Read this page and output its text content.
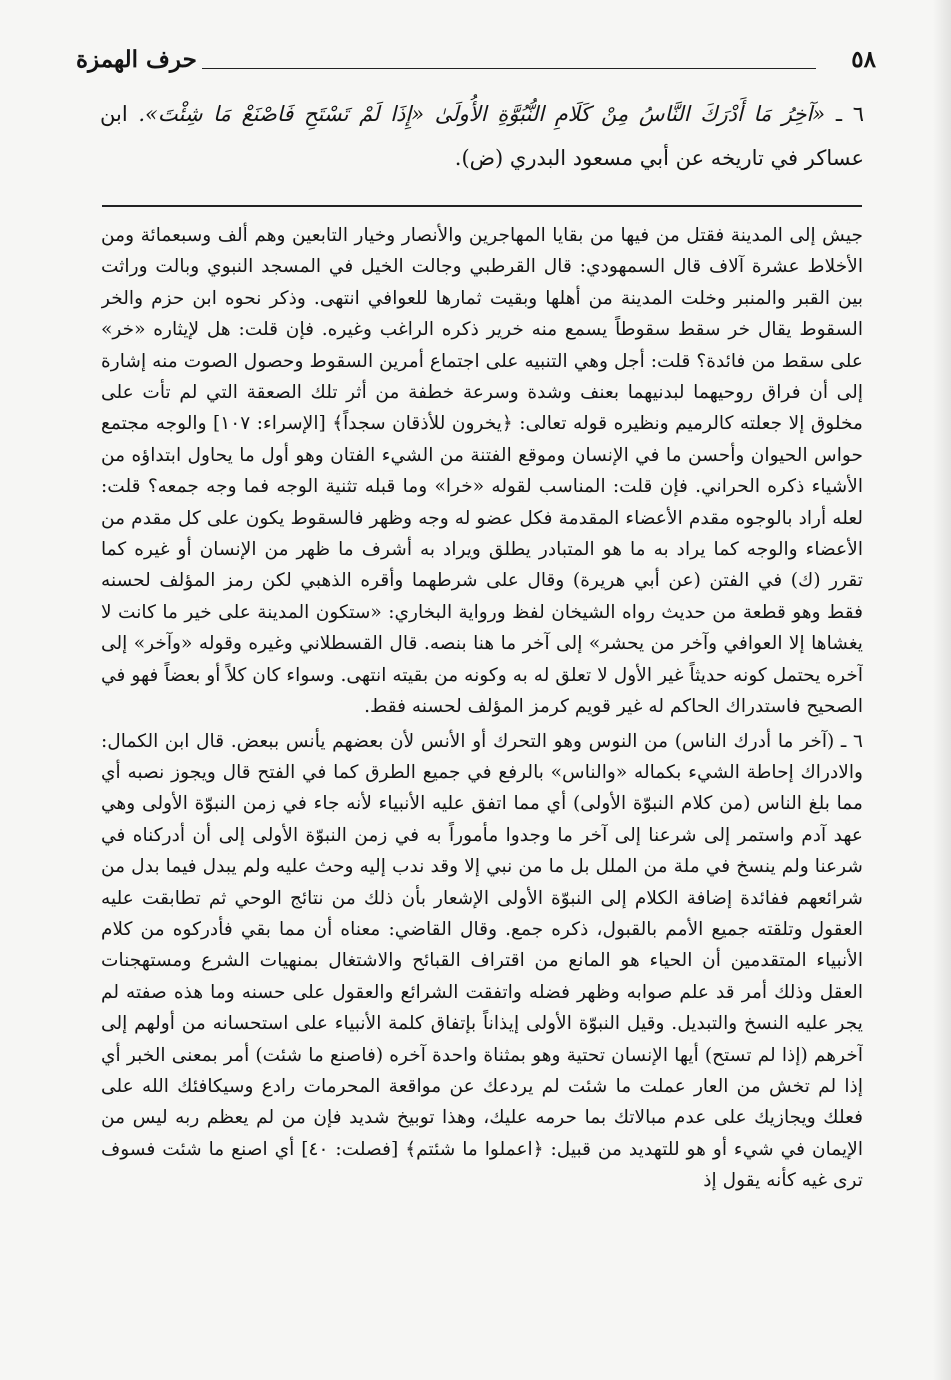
٥٨
حرف الهمزة
٦ ـ «آخِرُ مَا أَدْرَكَ النَّاسُ مِنْ كَلَامِ النُّبُوَّةِ الأُولَىٰ «إِذَا لَمْ تَسْتَحِ فَاصْنَعْ مَا شِئْتَ». ابن عساكر في تاريخه عن أبي مسعود البدري (ض).

جيش إلى المدينة فقتل من فيها من بقايا المهاجرين والأنصار وخيار التابعين وهم ألف وسبعمائة ومن الأخلاط عشرة آلاف قال السمهودي: قال القرطبي وجالت الخيل في المسجد النبوي وبالت وراثت بين القبر والمنبر وخلت المدينة من أهلها وبقيت ثمارها للعوافي انتهى. وذكر نحوه ابن حزم والخر السقوط يقال خر سقط سقوطاً يسمع منه خرير ذكره الراغب وغيره. فإن قلت: هل لإيثاره «خر» على سقط من فائدة؟ قلت: أجل وهي التنبيه على اجتماع أمرين السقوط وحصول الصوت منه إشارة إلى أن فراق روحيهما لبدنيهما بعنف وشدة وسرعة خطفة من أثر تلك الصعقة التي لم تأت على مخلوق إلا جعلته كالرميم ونظيره قوله تعالى: ﴿يخرون للأذقان سجداً﴾ [الإسراء: ١٠٧] والوجه مجتمع حواس الحيوان وأحسن ما في الإنسان وموقع الفتنة من الشيء الفتان وهو أول ما يحاول ابتداؤه من الأشياء ذكره الحراني. فإن قلت: المناسب لقوله «خرا» وما قبله تثنية الوجه فما وجه جمعه؟ قلت: لعله أراد بالوجوه مقدم الأعضاء المقدمة فكل عضو له وجه وظهر فالسقوط يكون على كل مقدم من الأعضاء والوجه كما يراد به ما هو المتبادر يطلق ويراد به أشرف ما ظهر من الإنسان أو غيره كما تقرر (ك) في الفتن (عن أبي هريرة) وقال على شرطهما وأقره الذهبي لكن رمز المؤلف لحسنه فقط وهو قطعة من حديث رواه الشيخان لفظ ورواية البخاري: «ستكون المدينة على خير ما كانت لا يغشاها إلا العوافي وآخر من يحشر» إلى آخر ما هنا بنصه. قال القسطلاني وغيره وقوله «وآخر» إلى آخره يحتمل كونه حديثاً غير الأول لا تعلق له به وكونه من بقيته انتهى. وسواء كان كلاً أو بعضاً فهو في الصحيح فاستدراك الحاكم له غير قويم كرمز المؤلف لحسنه فقط.

٦ ـ (آخر ما أدرك الناس) من النوس وهو التحرك أو الأنس لأن بعضهم يأنس ببعض. قال ابن الكمال: والادراك إحاطة الشيء بكماله «والناس» بالرفع في جميع الطرق كما في الفتح قال ويجوز نصبه أي مما بلغ الناس (من كلام النبوّة الأولى) أي مما اتفق عليه الأنبياء لأنه جاء في زمن النبوّة الأولى وهي عهد آدم واستمر إلى شرعنا إلى آخر ما وجدوا مأموراً به في زمن النبوّة الأولى إلى أن أدركناه في شرعنا ولم ينسخ في ملة من الملل بل ما من نبي إلا وقد ندب إليه وحث عليه ولم يبدل فيما بدل من شرائعهم ففائدة إضافة الكلام إلى النبوّة الأولى الإشعار بأن ذلك من نتائج الوحي ثم تطابقت عليه العقول وتلقته جميع الأمم بالقبول، ذكره جمع. وقال القاضي: معناه أن مما بقي فأدركوه من كلام الأنبياء المتقدمين أن الحياء هو المانع من اقتراف القبائح والاشتغال بمنهيات الشرع ومستهجنات العقل وذلك أمر قد علم صوابه وظهر فضله واتفقت الشرائع والعقول على حسنه وما هذه صفته لم يجر عليه النسخ والتبديل. وقيل النبوّة الأولى إيذاناً بإتفاق كلمة الأنبياء على استحسانه من أولهم إلى آخرهم (إذا لم تستح) أيها الإنسان تحتية وهو بمثناة واحدة آخره (فاصنع ما شئت) أمر بمعنى الخبر أي إذا لم تخش من العار عملت ما شئت لم يردعك عن مواقعة المحرمات رادع وسيكافئك الله على فعلك ويجازيك على عدم مبالاتك بما حرمه عليك، وهذا توبيخ شديد فإن من لم يعظم ربه ليس من الإيمان في شيء أو هو للتهديد من قبيل: ﴿اعملوا ما شئتم﴾ [فصلت: ٤٠] أي اصنع ما شئت فسوف ترى غيه كأنه يقول إذ
